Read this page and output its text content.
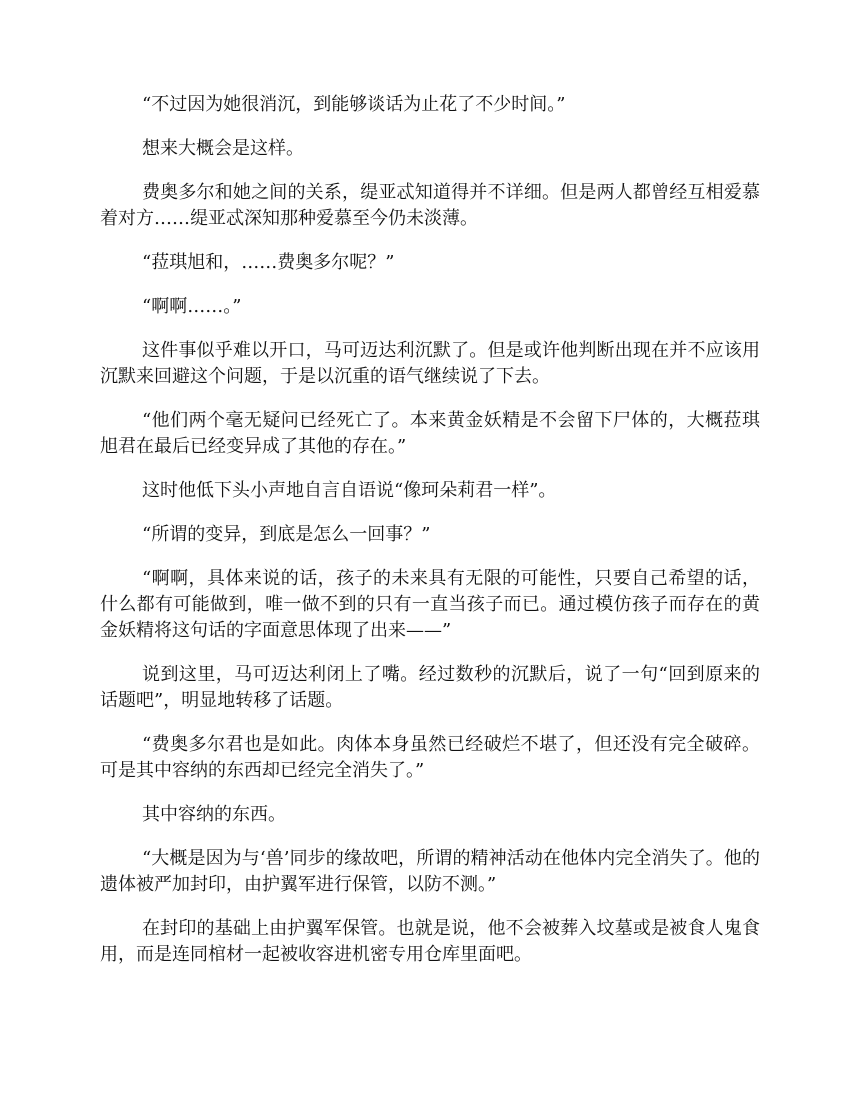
“不过因为她很消沉，到能够谈话为止花了不少时间。”

想来大概会是这样。

费奥多尔和她之间的关系，缇亚忒知道得并不详细。但是两人都曾经互相爱慕着对方……缇亚忒深知那种爱慕至今仍未淡薄。

“菈琪旭和，……费奥多尔呢？”

“啊啊……。”

这件事似乎难以开口，马可迈达利沉默了。但是或许他判断出现在并不应该用沉默来回避这个问题，于是以沉重的语气继续说了下去。

“他们两个毫无疑问已经死亡了。本来黄金妖精是不会留下尸体的，大概菈琪旭君在最后已经变异成了其他的存在。”

这时他低下头小声地自言自语说“像珂朵莉君一样”。

“所谓的变异，到底是怎么一回事？”

“啊啊，具体来说的话，孩子的未来具有无限的可能性，只要自己希望的话，什么都有可能做到，唯一做不到的只有一直当孩子而已。通过模仿孩子而存在的黄金妖精将这句话的字面意思体现了出来——”

说到这里，马可迈达利闭上了嘴。经过数秒的沉默后，说了一句“回到原来的话题吧”，明显地转移了话题。

“费奥多尔君也是如此。肉体本身虽然已经破烂不堪了，但还没有完全破碎。可是其中容纳的东西却已经完全消失了。”

其中容纳的东西。

“大概是因为与‘兽’同步的缘故吧，所谓的精神活动在他体内完全消失了。他的遗体被严加封印，由护翼军进行保管，以防不测。”

在封印的基础上由护翼军保管。也就是说，他不会被葬入坟墓或是被食人鬼食用，而是连同棺材一起被收容进机密专用仓库里面吧。
